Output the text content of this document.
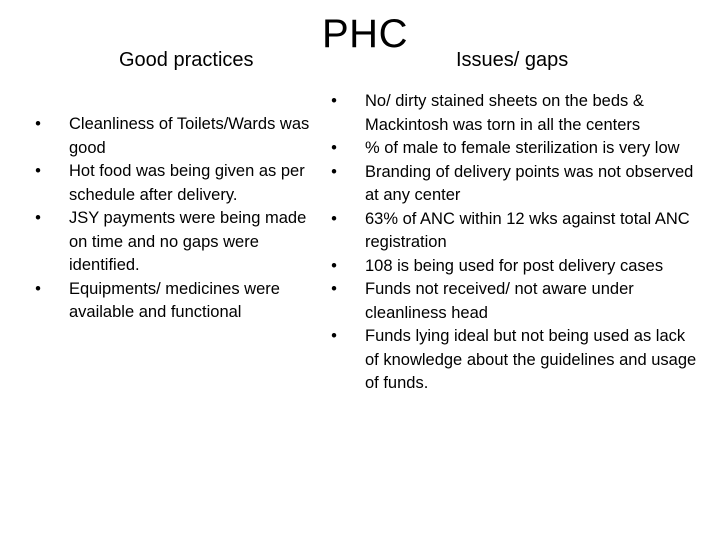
PHC
Good practices	Issues/ gaps
• Cleanliness of Toilets/Wards was good
• Hot food was being given as per schedule after delivery.
• JSY payments were being made on time and no gaps were identified.
• Equipments/ medicines were available and functional
• No/ dirty stained sheets on the beds & Mackintosh was torn in all the centers
• % of male to female sterilization is very low
• Branding of delivery points was not observed at any center
• 63% of ANC within 12 wks against total ANC registration
• 108 is being used for post delivery cases
• Funds not received/ not aware under cleanliness head
• Funds lying ideal but not being used as lack of knowledge about the guidelines and usage of funds.
